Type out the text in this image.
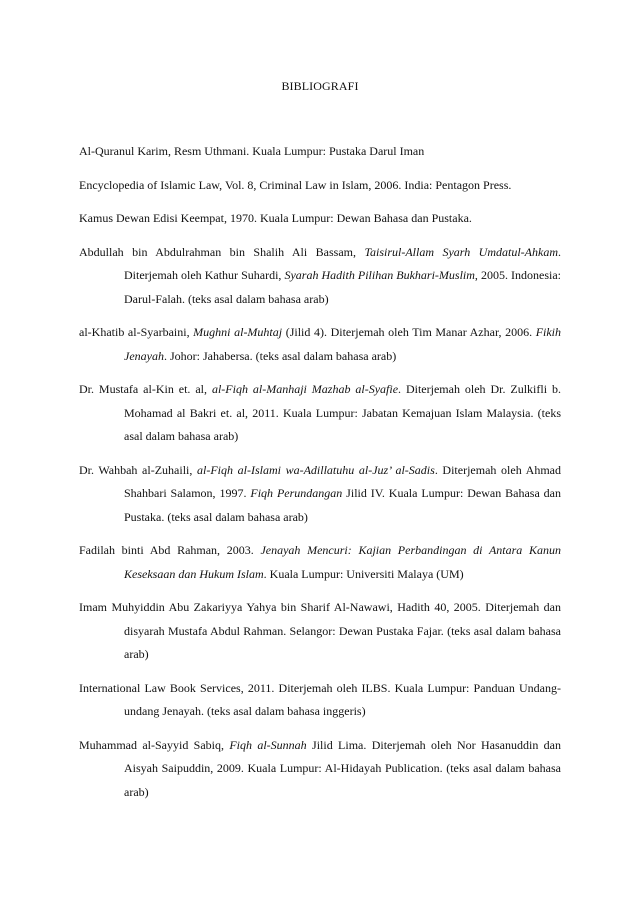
BIBLIOGRAFI
Al-Quranul Karim, Resm Uthmani. Kuala Lumpur: Pustaka Darul Iman
Encyclopedia of Islamic Law, Vol. 8, Criminal Law in Islam, 2006. India: Pentagon Press.
Kamus Dewan Edisi Keempat, 1970. Kuala Lumpur: Dewan Bahasa dan Pustaka.
Abdullah bin Abdulrahman bin Shalih Ali Bassam, Taisirul-Allam Syarh Umdatul-Ahkam. Diterjemah oleh Kathur Suhardi, Syarah Hadith Pilihan Bukhari-Muslim, 2005. Indonesia: Darul-Falah. (teks asal dalam bahasa arab)
al-Khatib al-Syarbaini, Mughni al-Muhtaj (Jilid 4). Diterjemah oleh Tim Manar Azhar, 2006. Fikih Jenayah. Johor: Jahabersa. (teks asal dalam bahasa arab)
Dr. Mustafa al-Kin et. al, al-Fiqh al-Manhaji Mazhab al-Syafie. Diterjemah oleh Dr. Zulkifli b. Mohamad al Bakri et. al, 2011. Kuala Lumpur: Jabatan Kemajuan Islam Malaysia. (teks asal dalam bahasa arab)
Dr. Wahbah al-Zuhaili, al-Fiqh al-Islami wa-Adillatuhu al-Juz’ al-Sadis. Diterjemah oleh Ahmad Shahbari Salamon, 1997. Fiqh Perundangan Jilid IV. Kuala Lumpur: Dewan Bahasa dan Pustaka. (teks asal dalam bahasa arab)
Fadilah binti Abd Rahman, 2003. Jenayah Mencuri: Kajian Perbandingan di Antara Kanun Keseksaan dan Hukum Islam. Kuala Lumpur: Universiti Malaya (UM)
Imam Muhyiddin Abu Zakariyya Yahya bin Sharif Al-Nawawi, Hadith 40, 2005. Diterjemah dan disyarah Mustafa Abdul Rahman. Selangor: Dewan Pustaka Fajar. (teks asal dalam bahasa arab)
International Law Book Services, 2011. Diterjemah oleh ILBS. Kuala Lumpur: Panduan Undang-undang Jenayah. (teks asal dalam bahasa inggeris)
Muhammad al-Sayyid Sabiq, Fiqh al-Sunnah Jilid Lima. Diterjemah oleh Nor Hasanuddin dan Aisyah Saipuddin, 2009. Kuala Lumpur: Al-Hidayah Publication. (teks asal dalam bahasa arab)
